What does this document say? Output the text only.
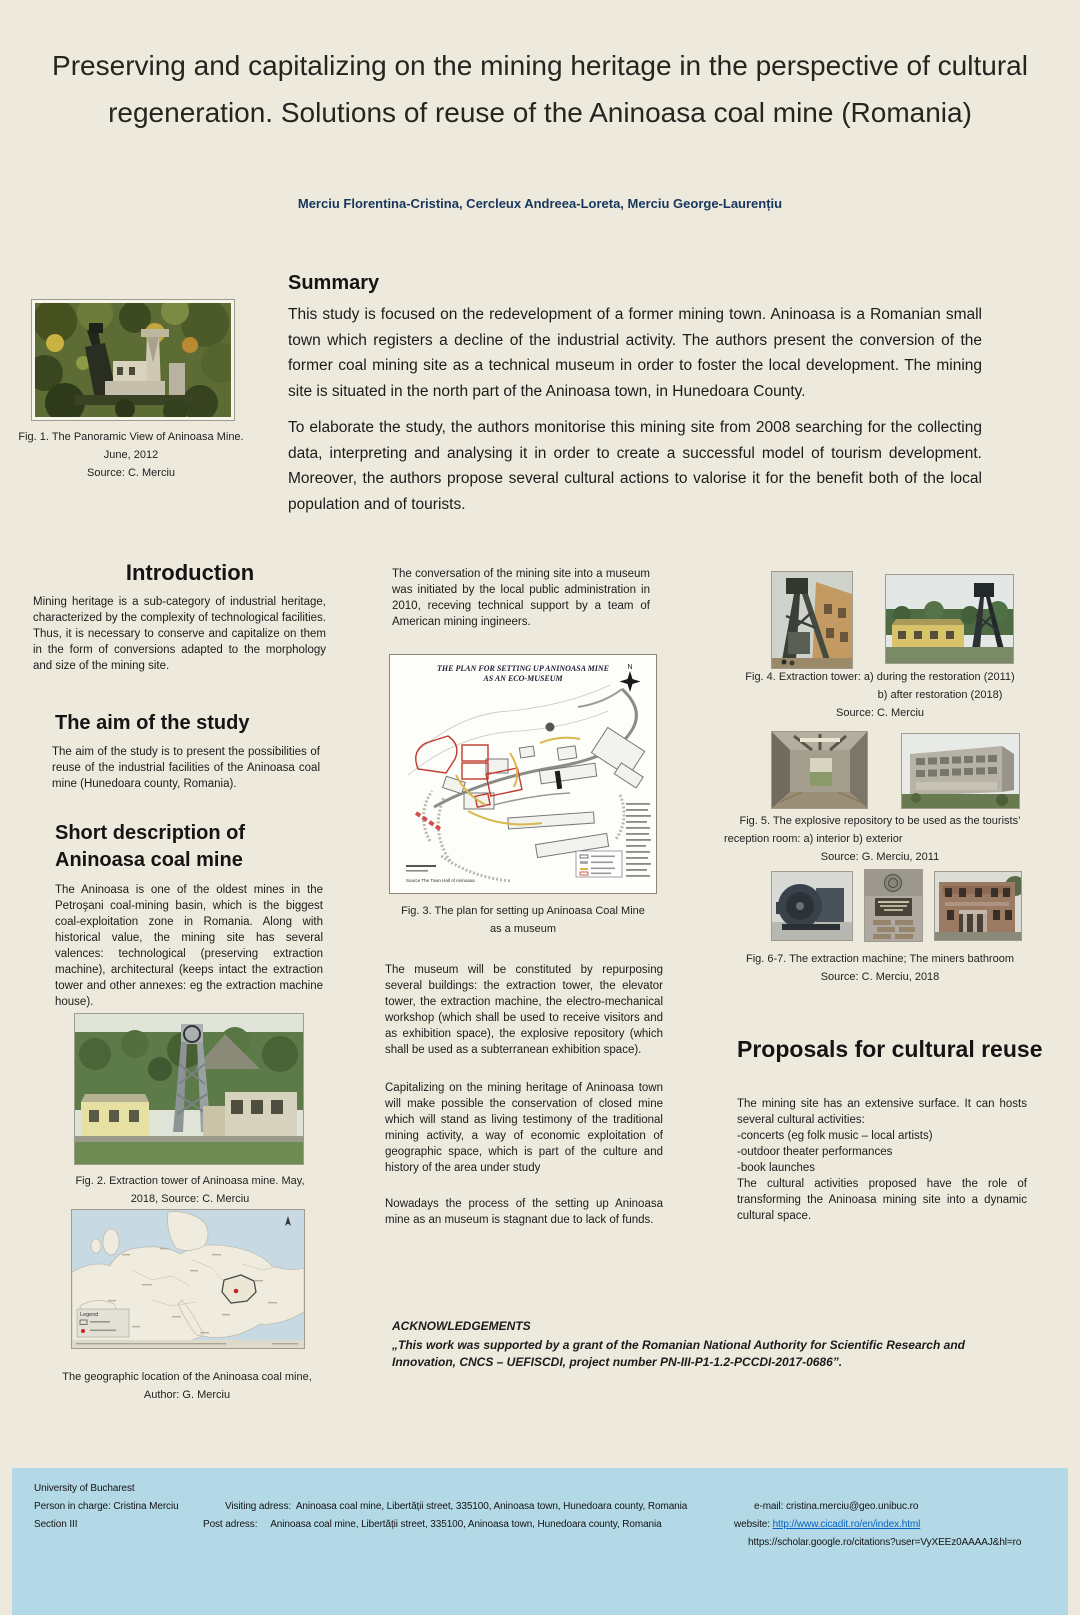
Preserving and capitalizing on the mining heritage in the perspective of cultural regeneration. Solutions of reuse of the Aninoasa coal mine (Romania)
Merciu Florentina-Cristina, Cercleux Andreea-Loreta, Merciu George-Laurențiu
Fig. 1. The Panoramic View of Aninoasa Mine.
June, 2012
Source: C. Merciu
Summary
This study is focused on the redevelopment of a former mining town. Aninoasa is a Romanian small town which registers a decline of the industrial activity. The authors present the conversion of the former coal mining site as a technical museum in order to foster the local development. The mining site is situated in the north part of the Aninoasa town, in Hunedoara County.
To elaborate the study, the authors monitorise this mining site from 2008 searching for the collecting data, interpreting and analysing it in order to create a successful model of tourism development. Moreover, the authors propose several cultural actions to valorise it for the benefit both of the local population and of tourists.
Introduction
Mining heritage is a sub-category of industrial heritage, characterized by the complexity of technological facilities. Thus, it is necessary to conserve and capitalize on them in the form of conversions adapted to the morphology and size of the mining site.
The aim of the study
The aim of the study is to present the possibilities of reuse of the industrial facilities of the Aninoasa coal mine (Hunedoara county, Romania).
Short description of Aninoasa coal mine
The Aninoasa is one of the oldest mines in the Petroşani coal-mining basin, which is the biggest coal-exploitation zone in Romania. Along with historical value, the mining site has several valences: technological (preserving extraction machine), architectural (keeps intact the extraction tower and other annexes: eg the extraction machine house).
Fig. 2. Extraction tower of Aninoasa mine. May,
2018, Source: C. Merciu
Legend
The geographic location of the Aninoasa coal mine,
Author: G. Merciu
The conversation of the mining site into a museum was initiated by the local public administration in 2010, receving technical support by a team of American mining ingineers.
THE PLAN FOR SETTING UP ANINOASA MINE
AS AN ECO-MUSEUM
N
Source The Town Hall of Aninoasa
Fig. 3. The plan for setting up Aninoasa Coal Mine
as a museum
The museum will be constituted by repurposing several buildings: the extraction tower, the elevator tower, the extraction machine, the electro-mechanical workshop (which shall be used to receive visitors and as exhibition space), the explosive repository (which shall be used as a subterranean exhibition space).
Capitalizing on the mining heritage of Aninoasa town will make possible the conservation of closed mine which will stand as living testimony of the traditional mining activity, a way of economic exploitation of geographic space, which is part of the culture and history of the area under study
Nowadays the process of the setting up Aninoasa mine as an museum is stagnant due to lack of funds.
ACKNOWLEDGEMENTS
„This work was supported by a grant of the Romanian National Authority for Scientific Research and Innovation, CNCS – UEFISCDI, project number PN-III-P1-1.2-PCCDI-2017-0686”.
Fig. 4. Extraction tower: a) during the restoration (2011)
b) after restoration (2018)
Source: C. Merciu
Fig. 5. The explosive repository to be used as the tourists’
reception room: a) interior b) exterior
Source: G. Merciu, 2011
Fig. 6-7. The extraction machine; The miners bathroom
Source: C. Merciu, 2018
Proposals for cultural reuse
The mining site has an extensive surface. It can hosts several cultural activities:
-concerts (eg folk music – local artists)
-outdoor theater performances
-book launches
The cultural activities proposed have the role of transforming the Aninoasa mining site into a dynamic cultural space.
University of Bucharest
Person in charge: Cristina Merciu
Section III
Visiting adress: Aninoasa coal mine, Libertății street, 335100, Aninoasa town, Hunedoara county, Romania
Post adress: Aninoasa coal mine, Libertății street, 335100, Aninoasa town, Hunedoara county, Romania
e-mail: cristina.merciu@geo.unibuc.ro
website: http://www.cicadit.ro/en/index.html
https://scholar.google.ro/citations?user=VyXEEz0AAAAJ&hl=ro
